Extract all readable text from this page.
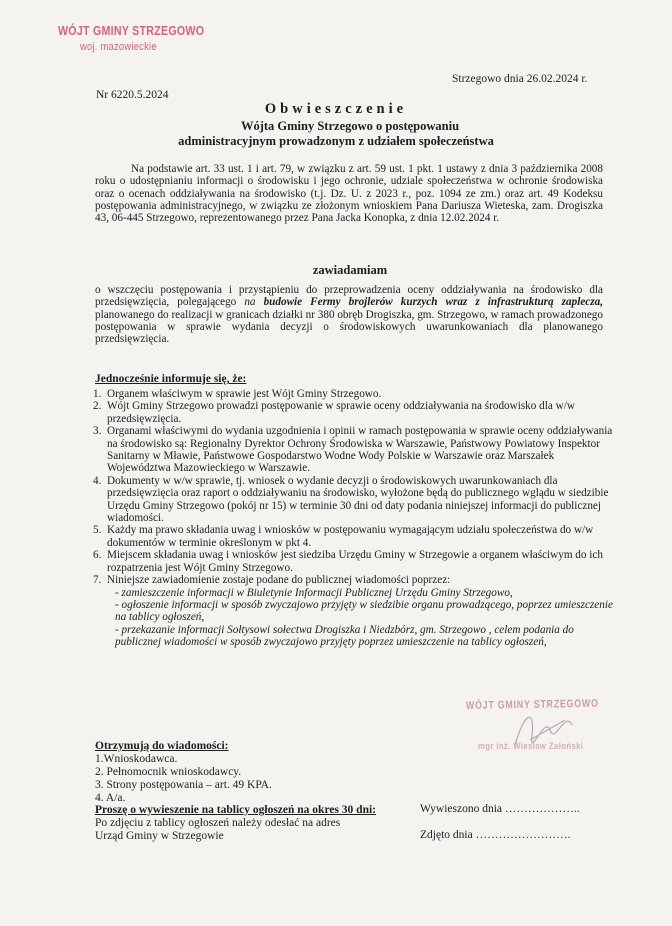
WÓJT GMINY STRZEGOWO
woj. mazowieckie
Strzegowo dnia 26.02.2024 r.
Nr 6220.5.2024
Obwieszczenie
Wójta Gminy Strzegowo o postępowaniu
administracyjnym prowadzonym z udziałem społeczeństwa
Na podstawie art. 33 ust. 1 i art. 79, w związku z art. 59 ust. 1 pkt. 1 ustawy z dnia 3 października 2008 roku o udostępnianiu informacji o środowisku i jego ochronie, udziale społeczeństwa w ochronie środowiska oraz o ocenach oddziaływania na środowisko (t.j. Dz. U. z 2023 r., poz. 1094 ze zm.) oraz art. 49 Kodeksu postępowania administracyjnego, w związku ze złożonym wnioskiem Pana Dariusza Wieteska, zam. Drogiszka 43, 06-445 Strzegowo, reprezentowanego przez Pana Jacka Konopka, z dnia 12.02.2024 r.
zawiadamiam
o wszczęciu postępowania i przystąpieniu do przeprowadzenia oceny oddziaływania na środowisko dla przedsięwzięcia, polegającego na budowie Fermy brojlerów kurzych wraz z infrastrukturą zaplecza, planowanego do realizacji w granicach działki nr 380 obręb Drogiszka, gm. Strzegowo, w ramach prowadzonego postępowania w sprawie wydania decyzji o środowiskowych uwarunkowaniach dla planowanego przedsięwzięcia.
Jednocześnie informuje się, że:
1. Organem właściwym w sprawie jest Wójt Gminy Strzegowo.
2. Wójt Gminy Strzegowo prowadzi postępowanie w sprawie oceny oddziaływania na środowisko dla w/w przedsięwzięcia.
3. Organami właściwymi do wydania uzgodnienia i opinii w ramach postępowania w sprawie oceny oddziaływania na środowisko są: Regionalny Dyrektor Ochrony Środowiska w Warszawie, Państwowy Powiatowy Inspektor Sanitarny w Mławie, Państwowe Gospodarstwo Wodne Wody Polskie w Warszawie oraz Marszałek Województwa Mazowieckiego w Warszawie.
4. Dokumenty w w/w sprawie, tj. wniosek o wydanie decyzji o środowiskowych uwarunkowaniach dla przedsięwzięcia oraz raport o oddziaływaniu na środowisko, wyłożone będą do publicznego wglądu w siedzibie Urzędu Gminy Strzegowo (pokój nr 15) w terminie 30 dni od daty podania niniejszej informacji do publicznej wiadomości.
5. Każdy ma prawo składania uwag i wniosków w postępowaniu wymagającym udziału społeczeństwa do w/w dokumentów w terminie określonym w pkt 4.
6. Miejscem składania uwag i wniosków jest siedziba Urzędu Gminy w Strzegowie a organem właściwym do ich rozpatrzenia jest Wójt Gminy Strzegowo.
7. Niniejsze zawiadomienie zostaje podane do publicznej wiadomości poprzez:
- zamieszczenie informacji w Biuletynie Informacji Publicznej Urzędu Gminy Strzegowo,
- ogłoszenie informacji w sposób zwyczajowo przyjęty w siedzibie organu prowadzącego, poprzez umieszczenie na tablicy ogłoszeń,
- przekazanie informacji Sołtysowi sołectwa Drogiszka i Niedzbórz, gm. Strzegowo , celem podania do publicznej wiadomości w sposób zwyczajowo przyjęty poprzez umieszczenie na tablicy ogłoszeń,
WÓJT GMINY STRZEGOWO
mgr inż. Wiesław Załoński
Otrzymują do wiadomości:
1.Wnioskodawca.
2. Pełnomocnik wnioskodawcy.
3. Strony postępowania – art. 49 KPA.
4. A/a.
Proszę o wywieszenie na tablicy ogłoszeń na okres 30 dni:
Po zdjęciu z tablicy ogłoszeń należy odesłać na adres
Urząd Gminy w Strzegowie
Wywieszono dnia ………………..
Zdjęto dnia …………………….
